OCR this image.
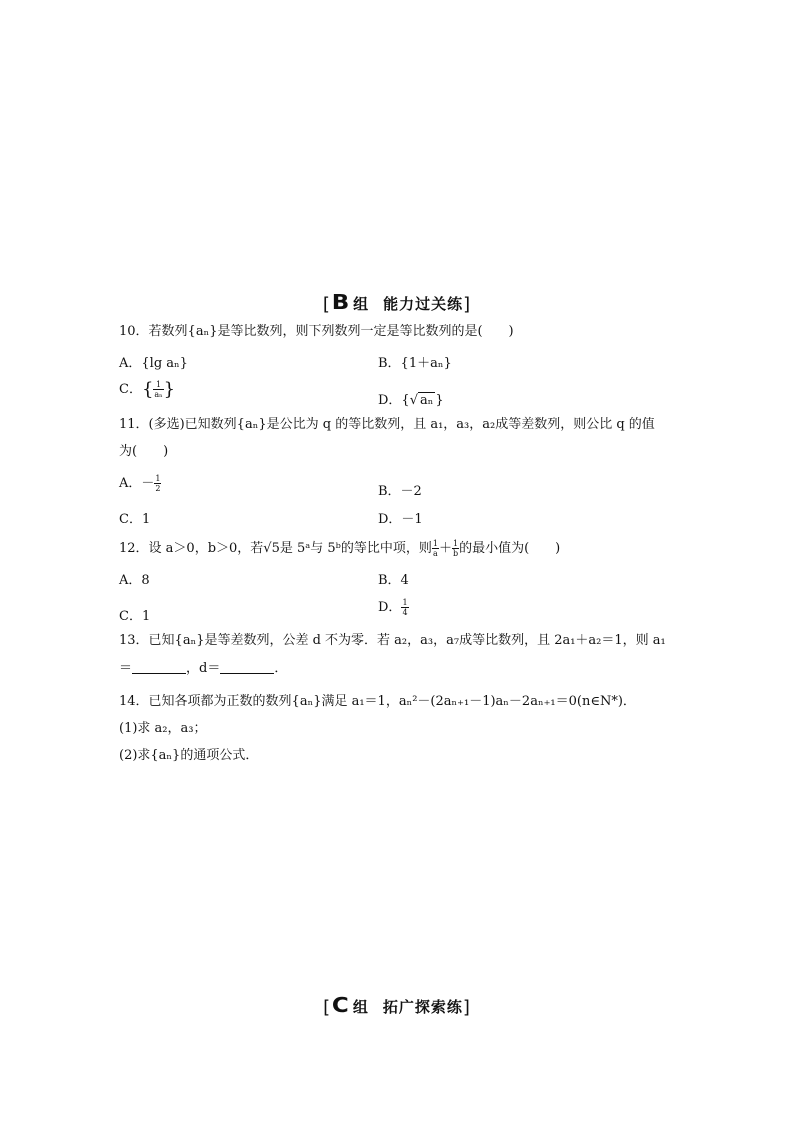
[B 组 能力过关练]
10．若数列{aₙ}是等比数列，则下列数列一定是等比数列的是(　　)
A．{lg aₙ}	B．{1＋aₙ}
C．{ $\frac{1}{\text{aₙ}}$ }
D．{√ aₙ }
11．(多选)已知数列{aₙ}是公比为 q 的等比数列，且 a₁，a₃，a₂成等差数列，则公比 q 的值
为(　　)
A．－ $\frac{1}{2}$	B．－2
C．1	D．－1
12．设 a＞0，b＞0，若√5是 5ᵃ与 5ᵇ的等比中项，则 $\frac{1}{a} + \frac{1}{b}$ 的最小值为(　　)
A．8	B．4
C．1
D． $\frac{1}{4}$
13．已知{aₙ}是等差数列，公差 d 不为零．若 a₂，a₃，a₇成等比数列，且 2a₁＋a₂＝1，则 a₁
＝	，d＝	．
14．已知各项都为正数的数列{aₙ}满足 a₁＝1，aₙ²－(2aₙ₊₁－1)aₙ－2aₙ₊₁＝0(n∈N*)．
(1)求 a₂，a₃；
(2)求{aₙ}的通项公式．
[C 组 拓广探索练]
